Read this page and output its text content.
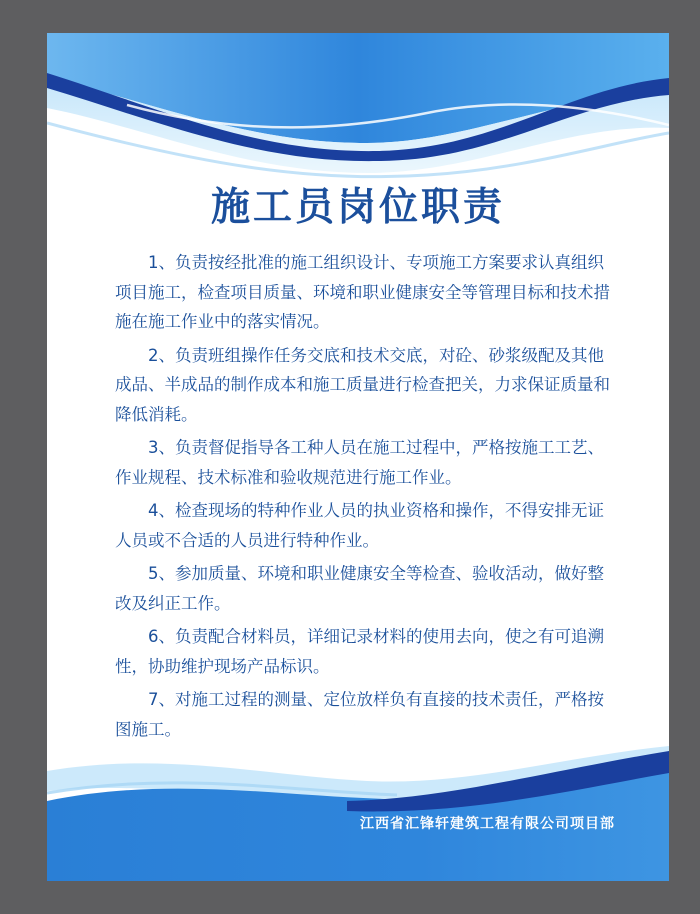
施工员岗位职责

1、负责按经批准的施工组织设计、专项施工方案要求认真组织项目施工，检查项目质量、环境和职业健康安全等管理目标和技术措施在施工作业中的落实情况。

2、负责班组操作任务交底和技术交底，对砼、砂浆级配及其他成品、半成品的制作成本和施工质量进行检查把关，力求保证质量和降低消耗。

3、负责督促指导各工种人员在施工过程中，严格按施工工艺、作业规程、技术标准和验收规范进行施工作业。

4、检查现场的特种作业人员的执业资格和操作，不得安排无证人员或不合适的人员进行特种作业。

5、参加质量、环境和职业健康安全等检查、验收活动，做好整改及纠正工作。

6、负责配合材料员，详细记录材料的使用去向，使之有可追溯性，协助维护现场产品标识。

7、对施工过程的测量、定位放样负有直接的技术责任，严格按图施工。

江西省汇锋轩建筑工程有限公司项目部
